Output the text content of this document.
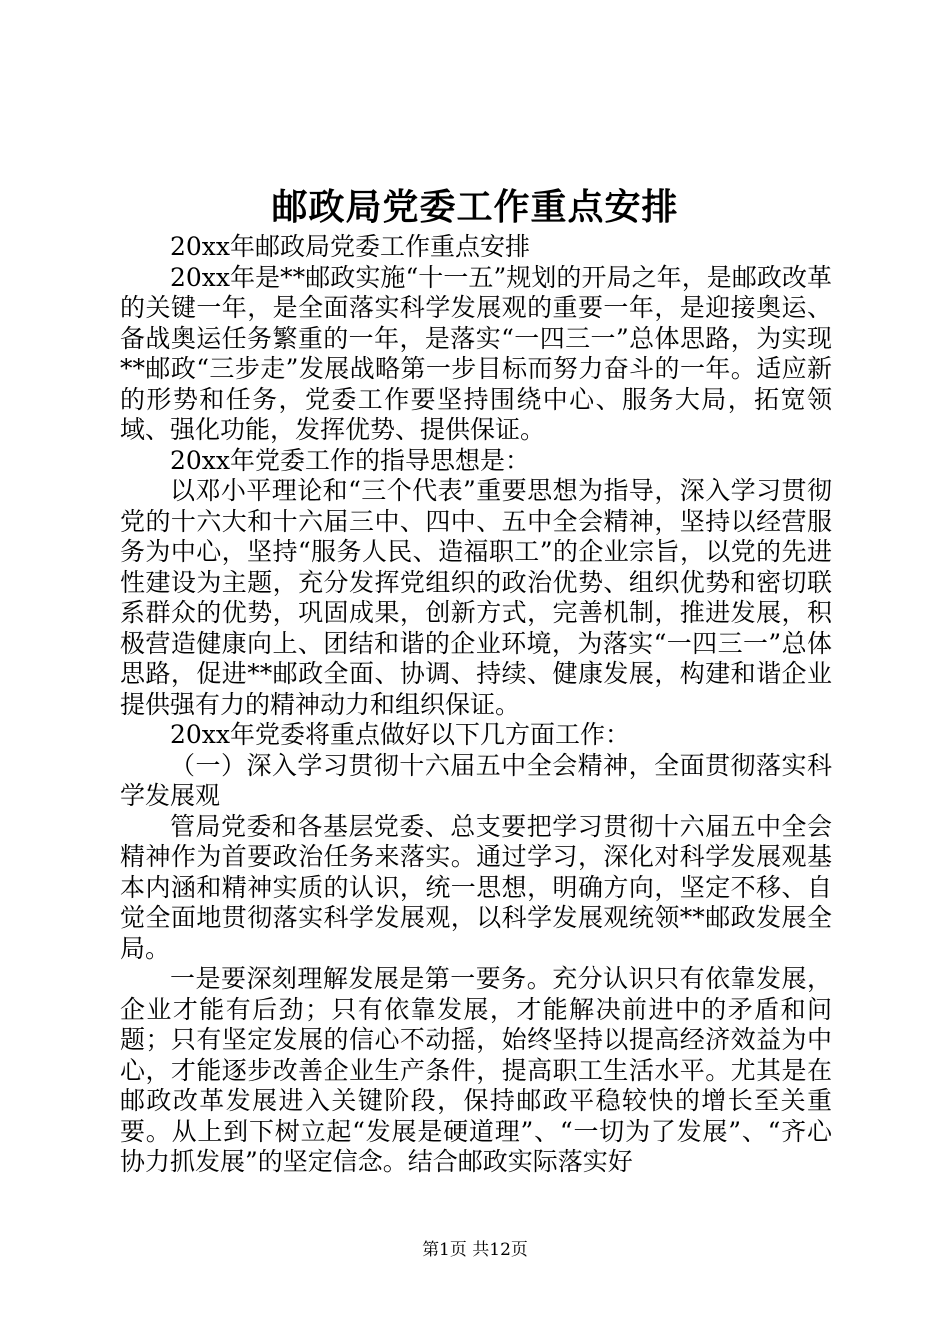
邮政局党委工作重点安排

20xx年邮政局党委工作重点安排

20xx年是**邮政实施“十一五”规划的开局之年，是邮政改革的关键一年，是全面落实科学发展观的重要一年，是迎接奥运、备战奥运任务繁重的一年，是落实“一四三一”总体思路，为实现**邮政“三步走”发展战略第一步目标而努力奋斗的一年。适应新的形势和任务，党委工作要坚持围绕中心、服务大局，拓宽领域、强化功能，发挥优势、提供保证。

20xx年党委工作的指导思想是：

以邓小平理论和“三个代表”重要思想为指导，深入学习贯彻党的十六大和十六届三中、四中、五中全会精神，坚持以经营服务为中心，坚持“服务人民、造福职工”的企业宗旨，以党的先进性建设为主题，充分发挥党组织的政治优势、组织优势和密切联系群众的优势，巩固成果，创新方式，完善机制，推进发展，积极营造健康向上、团结和谐的企业环境，为落实“一四三一”总体思路，促进**邮政全面、协调、持续、健康发展，构建和谐企业提供强有力的精神动力和组织保证。

20xx年党委将重点做好以下几方面工作：

（一）深入学习贯彻十六届五中全会精神，全面贯彻落实科学发展观

管局党委和各基层党委、总支要把学习贯彻十六届五中全会精神作为首要政治任务来落实。通过学习，深化对科学发展观基本内涵和精神实质的认识，统一思想，明确方向，坚定不移、自觉全面地贯彻落实科学发展观，以科学发展观统领**邮政发展全局。

一是要深刻理解发展是第一要务。充分认识只有依靠发展，企业才能有后劲；只有依靠发展，才能解决前进中的矛盾和问题；只有坚定发展的信心不动摇，始终坚持以提高经济效益为中心，才能逐步改善企业生产条件，提高职工生活水平。尤其是在邮政改革发展进入关键阶段，保持邮政平稳较快的增长至关重要。从上到下树立起“发展是硬道理”、“一切为了发展”、“齐心协力抓发展”的坚定信念。结合邮政实际落实好

第1页 共12页
